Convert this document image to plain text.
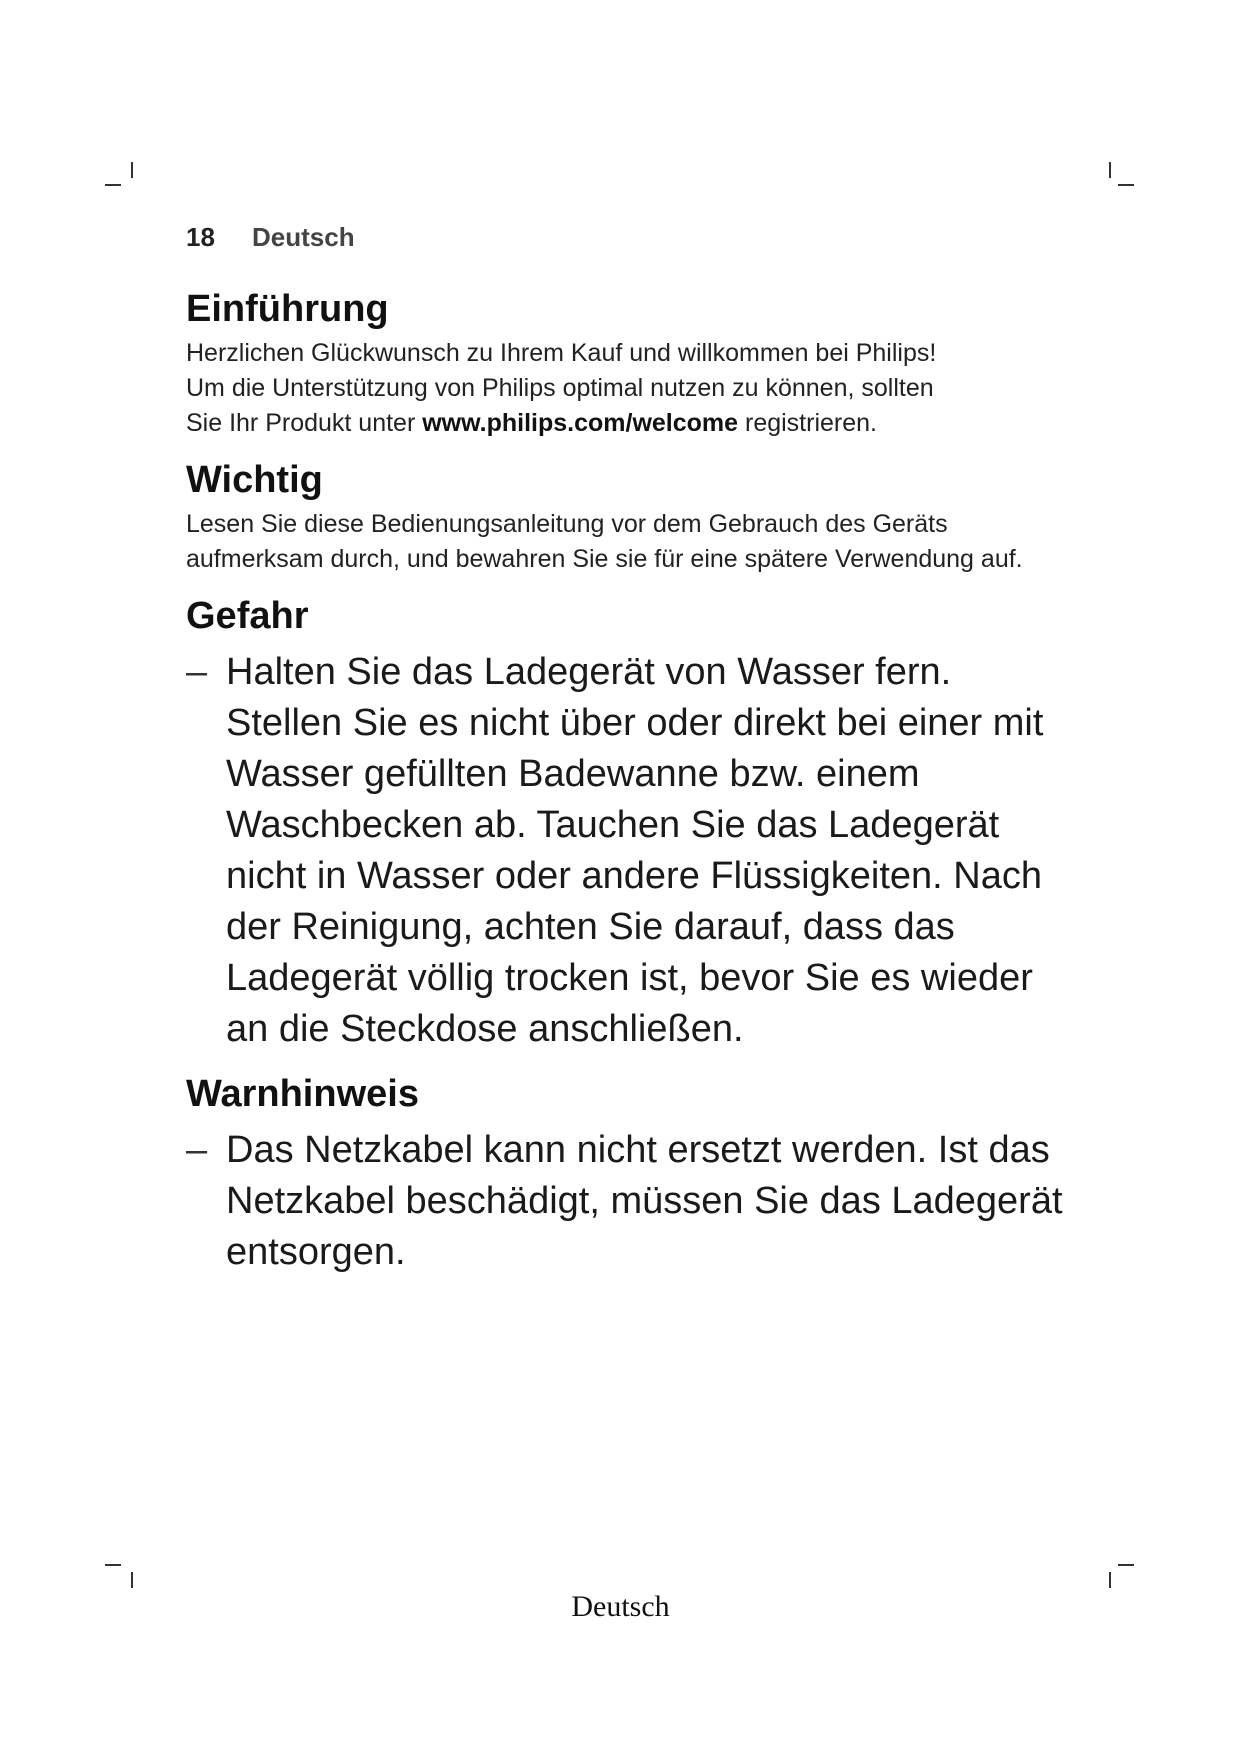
18 Deutsch
Einführung

Herzlichen Glückwunsch zu Ihrem Kauf und willkommen bei Philips!
Um die Unterstützung von Philips optimal nutzen zu können, sollten
Sie Ihr Produkt unter www.philips.com/welcome registrieren.

Wichtig

Lesen Sie diese Bedienungsanleitung vor dem Gebrauch des Geräts aufmerksam durch, und bewahren Sie sie für eine spätere Verwendung auf.

Gefahr
– Halten Sie das Ladegerät von Wasser fern. Stellen Sie es nicht über oder direkt bei einer mit Wasser gefüllten Badewanne bzw. einem Waschbecken ab. Tauchen Sie das Ladegerät nicht in Wasser oder andere Flüssigkeiten. Nach der Reinigung, achten Sie darauf, dass das Ladegerät völlig trocken ist, bevor Sie es wieder an die Steckdose anschließen.
Warnhinweis
– Das Netzkabel kann nicht ersetzt werden. Ist das Netzkabel beschädigt, müssen Sie das Ladegerät entsorgen.
Deutsch
